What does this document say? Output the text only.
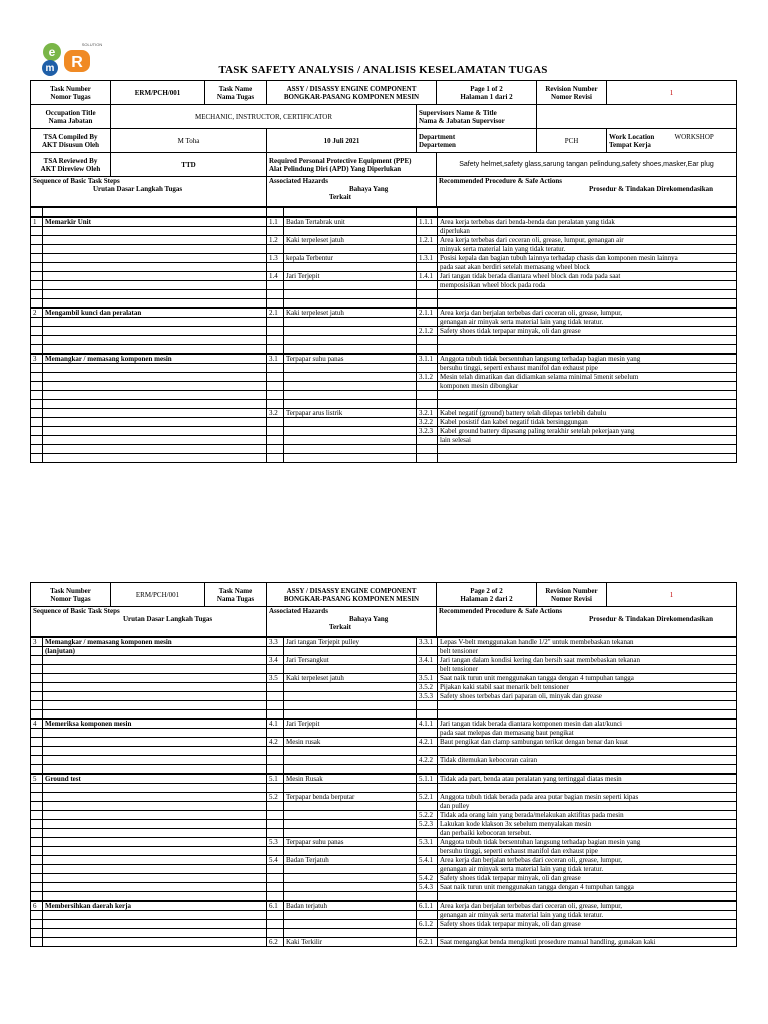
e
m R
SOLUTION
TASK SAFETY ANALYSIS / ANALISIS KESELAMATAN TUGAS
Task Number
Nomor Tugas	ERM/PCH/001	Task Name
Nama Tugas	ASSY / DISASSY ENGINE COMPONENT
BONGKAR-PASANG KOMPONEN MESIN		Page 1 of 2
Halaman 1 dari 2	Revision Number
Nomor Revisi	1
Occupation Title
Nama Jabatan	MECHANIC, INSTRUCTOR, CERTIFICATOR			Supervisors Name & Title
Nama & Jabatan Supervisor			
TSA Compiled By
AKT Disusun Oleh	M Toha		10 Juli 2021	Department
Departemen		PCH	Work Location
Tempat Kerja
WORKSHOP
TSA Reviewed By
AKT Direview Oleh	TTD		Required Personal Protective Equipment (PPE)
Alat Pelindung Diri (APD) Yang Diperlukan		Safety helmet,safety glass,sarung tangan pelindung,safety shoes,masker,Ear plug		
Sequence of Basic Task Steps
Urutan Dasar Langkah Tugas			Associated Hazards
Bahaya Yang
Terkait		Recommended Procedure & Safe Actions
Prosedur & Tindakan Direkomendasikan		

1	Memarkir Unit	1.1	Badan Tertabrak unit	1.1.1	Area kerja terbebas dari benda-benda dan peralatan yang tidak
					diperlukan
		1.2	Kaki terpeleset jatuh	1.2.1	Area kerja terbebas dari ceceran oli, grease, lumpur, genangan air
					minyak serta material lain yang tidak teratur.
		1.3	kepala Terbentur	1.3.1	Posisi kepala dan bagian tubuh lainnya terhadap chasis dan komponen mesin lainnya
					pada saat akan berdiri setelah memasang wheel block
		1.4	Jari Terjepit	1.4.1	Jari tangan tidak berada diantara wheel block dan roda pada saat
					memposisikan wheel block pada roda

2	Mengambil kunci dan peralatan	2.1	Kaki terpeleset jatuh	2.1.1	Area kerja dan berjalan terbebas dari ceceran oli, grease, lumpur,
					genangan air minyak serta material lain yang tidak teratur.
				2.1.2	Safety shoes tidak terpapar minyak, oli dan grease

3	Memangkar / memasang komponen mesin	3.1	Terpapar suhu panas	3.1.1	Anggota tubuh tidak bersentuhan langsung terhadap bagian mesin yang
					bersuhu tinggi, seperti exhaust manifol dan exhaust pipe
				3.1.2	Mesin telah dimatikan dan didiamkan selama minimal 5menit sebelum
					komponen mesin dibongkar

		3.2	Terpapar arus listrik	3.2.1	Kabel negatif (ground) battery telah dilepas terlebih dahulu
				3.2.2	Kabel posistif dan kabel negatif tidak bersinggungan
				3.2.3	Kabel ground battery dipasang paling terakhir setelah pekerjaan yang
					lain selesai

Task Number
Nomor Tugas	ERM/PCH/001	Task Name
Nama Tugas	ASSY / DISASSY ENGINE COMPONENT
BONGKAR-PASANG KOMPONEN MESIN	Page 2 of 2
Halaman 2 dari 2	Revision Number
Nomor Revisi	1
Sequence of Basic Task Steps
Urutan Dasar Langkah Tugas			Associated Hazards
Bahaya Yang
Terkait	Recommended Procedure & Safe Actions
Prosedur & Tindakan Direkomendasikan		
3	Memangkar / memasang komponen mesin	3.3	Jari tangan Terjepit pulley	3.3.1	Lepas V-belt menggunakan handle 1/2" untuk membebaskan tekanan
	(lanjutan)				belt tensioner
		3.4	Jari Tersangkut	3.4.1	Jari tangan dalam kondisi kering dan bersih saat membebaskan tekanan
					belt tensioner
		3.5	Kaki terpeleset jatuh	3.5.1	Saat naik turun unit menggunakan tangga dengan 4 tumpuhan tangga
				3.5.2	Pijakan kaki stabil saat menarik belt tensioner
				3.5.3	Safety shoes terbebas dari paparan oli, minyak dan grease

4	Memeriksa komponen mesin	4.1	Jari Terjepit	4.1.1	Jari tangan tidak berada diantara komponen mesin dan alat/kunci
					pada saat melepas dan memasang baut pengikat
		4.2	Mesin rusak	4.2.1	Baut pengikat dan clamp sambungan terikat dengan benar dan kuat

				4.2.2	Tidak ditemukan kebocoran cairan

5	Ground test	5.1	Mesin Rusak	5.1.1	Tidak ada part, benda atau peralatan yang tertinggal diatas mesin

		5.2	Terpapar benda berputar	5.2.1	Anggota tubuh tidak berada pada area putar bagian mesin seperti kipas
					dan pulley
				5.2.2	Tidak ada orang lain yang berada/melakukan aktifitas pada mesin
				5.2.3	Lakukan kode klakson 3x sebelum menyalakan mesin
					dan perbaiki kebocoran tersebut.
		5.3	Terpapar suhu panas	5.3.1	Anggota tubuh tidak bersentuhan langsung terhadap bagian mesin yang
					bersuhu tinggi, seperti exhaust manifol dan exhaust pipe
		5.4	Badan Terjatuh	5.4.1	Area kerja dan berjalan terbebas dari ceceran oli, grease, lumpur,
					genangan air minyak serta material lain yang tidak teratur.
				5.4.2	Safety shoes tidak terpapar minyak, oli dan grease
				5.4.3	Saat naik turun unit menggunakan tangga dengan 4 tumpuhan tangga

6	Membersihkan daerah kerja	6.1	Badan terjatuh	6.1.1	Area kerja dan berjalan terbebas dari ceceran oli, grease, lumpur,
					genangan air minyak serta material lain yang tidak teratur.
				6.1.2	Safety shoes tidak terpapar minyak, oli dan grease

		6.2	Kaki Terkilir	6.2.1	Saat mengangkat benda mengikuti prosedure manual handling, gunakan kaki
